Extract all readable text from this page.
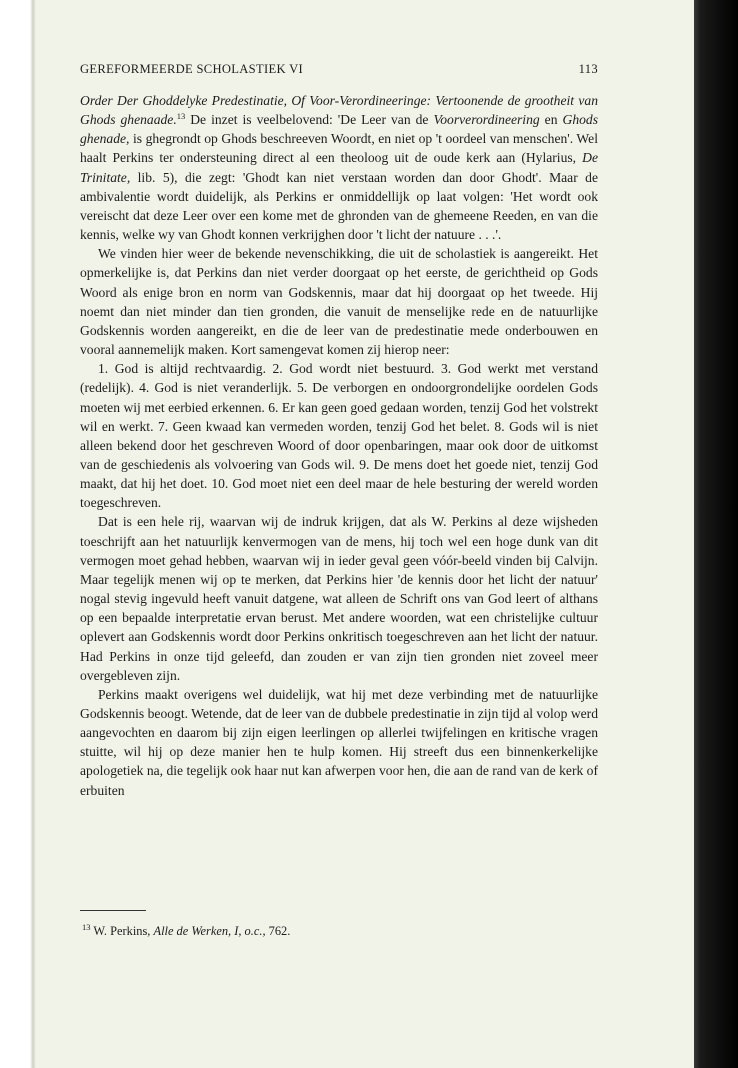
GEREFORMEERDE SCHOLASTIEK VI	113

Order Der Ghoddelyke Predestinatie, Of Voor-Verordineeringe: Vertoonende de grootheit van Ghods ghenaade.$^{13}$ De inzet is veelbelovend: 'De Leer van de Voorverordineering en Ghods ghenade, is ghegrondt op Ghods beschreeven Woordt, en niet op 't oordeel van menschen'. Wel haalt Perkins ter ondersteuning direct al een theoloog uit de oude kerk aan (Hylarius, De Trinitate, lib. 5), die zegt: 'Ghodt kan niet verstaan worden dan door Ghodt'. Maar de ambivalentie wordt duidelijk, als Perkins er onmiddellijk op laat volgen: 'Het wordt ook vereischt dat deze Leer over een kome met de ghronden van de ghemeene Reeden, en van die kennis, welke wy van Ghodt konnen verkrijghen door 't licht der natuure . . .'.

We vinden hier weer de bekende nevenschikking, die uit de scholastiek is aangereikt. Het opmerkelijke is, dat Perkins dan niet verder doorgaat op het eerste, de gerichtheid op Gods Woord als enige bron en norm van Godskennis, maar dat hij doorgaat op het tweede. Hij noemt dan niet minder dan tien gronden, die vanuit de menselijke rede en de natuurlijke Godskennis worden aangereikt, en die de leer van de predestinatie mede onderbouwen en vooral aannemelijk maken. Kort samengevat komen zij hierop neer:

1. God is altijd rechtvaardig. 2. God wordt niet bestuurd. 3. God werkt met verstand (redelijk). 4. God is niet veranderlijk. 5. De verborgen en ondoorgrondelijke oordelen Gods moeten wij met eerbied erkennen. 6. Er kan geen goed gedaan worden, tenzij God het volstrekt wil en werkt. 7. Geen kwaad kan vermeden worden, tenzij God het belet. 8. Gods wil is niet alleen bekend door het geschreven Woord of door openbaringen, maar ook door de uitkomst van de geschiedenis als volvoering van Gods wil. 9. De mens doet het goede niet, tenzij God maakt, dat hij het doet. 10. God moet niet een deel maar de hele besturing der wereld worden toegeschreven.

Dat is een hele rij, waarvan wij de indruk krijgen, dat als W. Perkins al deze wijsheden toeschrijft aan het natuurlijk kenvermogen van de mens, hij toch wel een hoge dunk van dit vermogen moet gehad hebben, waarvan wij in ieder geval geen vóór-beeld vinden bij Calvijn. Maar tegelijk menen wij op te merken, dat Perkins hier 'de kennis door het licht der natuur' nogal stevig ingevuld heeft vanuit datgene, wat alleen de Schrift ons van God leert of althans op een bepaalde interpretatie ervan berust. Met andere woorden, wat een christelijke cultuur oplevert aan Godskennis wordt door Perkins onkritisch toegeschreven aan het licht der natuur. Had Perkins in onze tijd geleefd, dan zouden er van zijn tien gronden niet zoveel meer overgebleven zijn.

Perkins maakt overigens wel duidelijk, wat hij met deze verbinding met de natuurlijke Godskennis beoogt. Wetende, dat de leer van de dubbele predestinatie in zijn tijd al volop werd aangevochten en daarom bij zijn eigen leerlingen op allerlei twijfelingen en kritische vragen stuitte, wil hij op deze manier hen te hulp komen. Hij streeft dus een binnenkerkelijke apologetiek na, die tegelijk ook haar nut kan afwerpen voor hen, die aan de rand van de kerk of erbuiten

$^{13}$ W. Perkins, Alle de Werken, I, o.c., 762.
